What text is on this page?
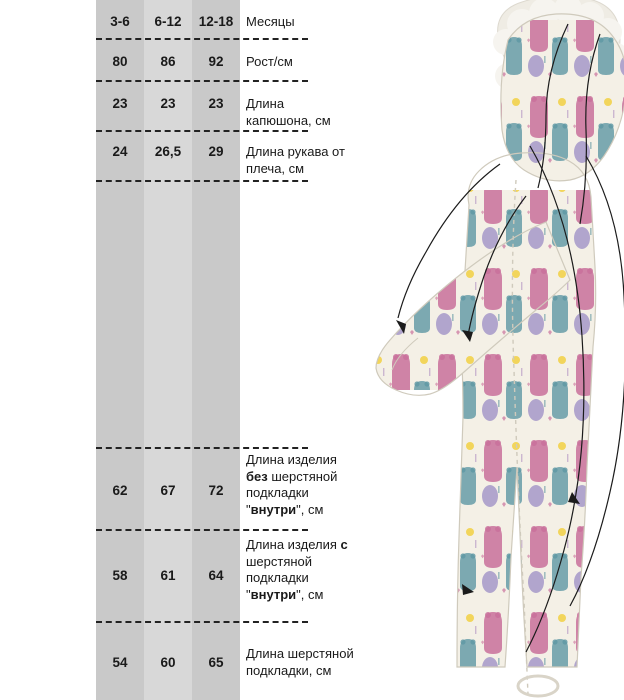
3-6	6-12	12-18 Месяцы
80	86	92	Рост/см
23	23	23	Длина
капюшона, см
24	26,5	29	Длина рукава от
плеча, см
62	67	72
Длина изделия
без шерстяной
подкладки
"внутри", см
58	61	64
Длина изделия с
шерстяной
подкладки
"внутри", см
54	60	65
Длина шерстяной
подкладки, см
